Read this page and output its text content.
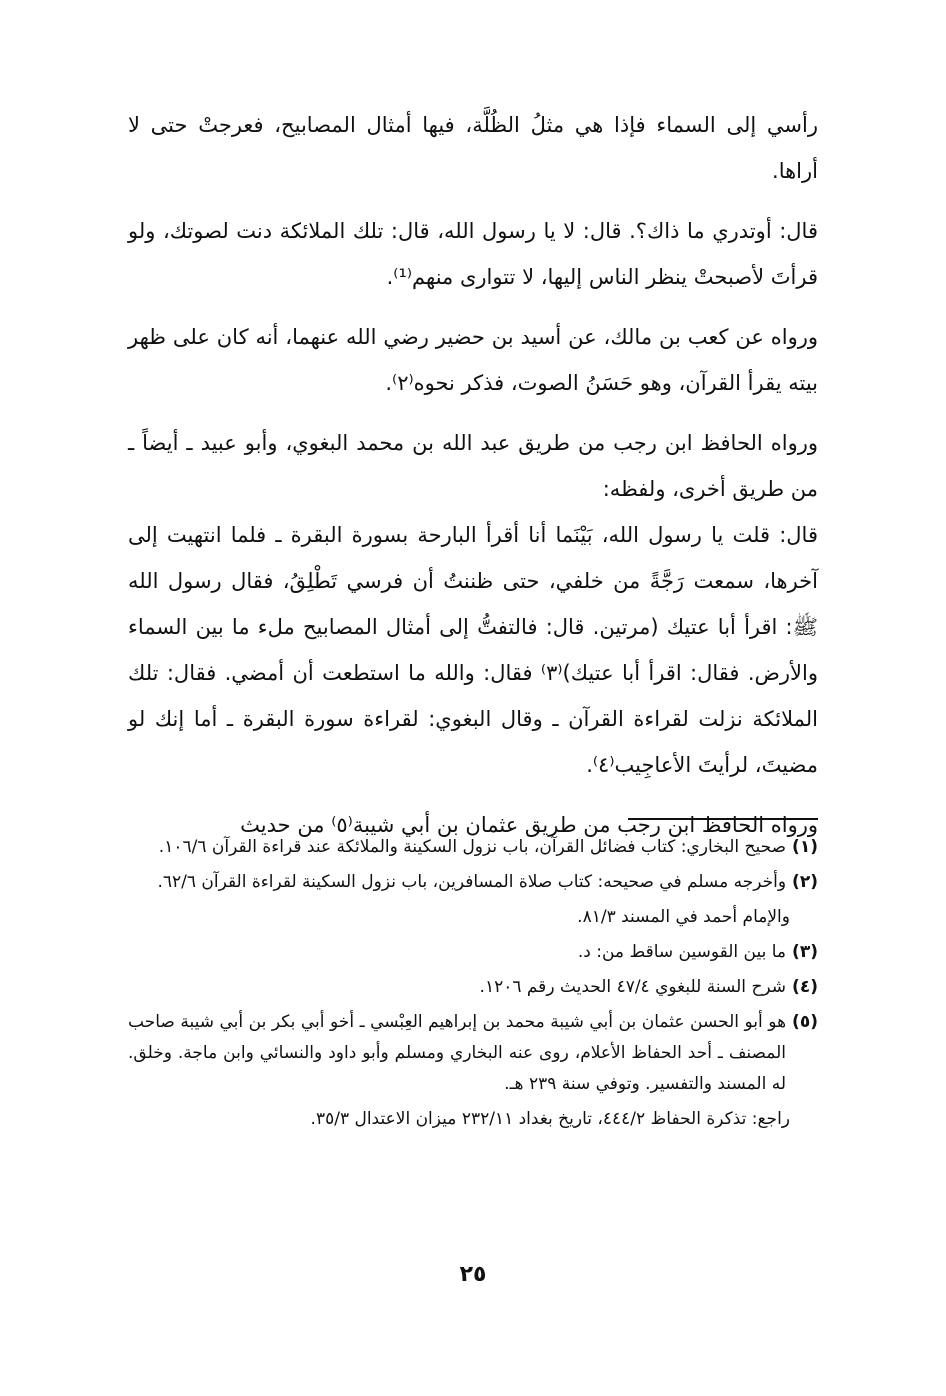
رأسي إلى السماء فإذا هي مثلُ الظُلَّة، فيها أمثال المصابيح، فعرجتْ حتى لا أراها.

قال: أوتدري ما ذاك؟. قال: لا يا رسول الله، قال: تلك الملائكة دنت لصوتك، ولو قرأتَ لأصبحتْ ينظر الناس إليها، لا تتوارى منهم⁽¹⁾.

ورواه عن كعب بن مالك، عن أسيد بن حضير رضي الله عنهما، أنه كان على ظهر بيته يقرأ القرآن، وهو حَسَنُ الصوت، فذكر نحوه⁽٢⁾.

ورواه الحافظ ابن رجب من طريق عبد الله بن محمد البغوي، وأبو عبيد ـ أيضاً ـ من طريق أخرى، ولفظه:

قال: قلت يا رسول الله، بَيْنَما أنا أقرأ البارحة بسورة البقرة ـ فلما انتهيت إلى آخرها، سمعت رَجَّةً من خلفي، حتى ظننتُ أن فرسي تَطْلِقُ، فقال رسول الله ﷺ: اقرأ أبا عتيك (مرتين. قال: فالتفتُّ إلى أمثال المصابيح ملء ما بين السماء والأرض. فقال: اقرأ أبا عتيك)⁽٣⁾ فقال: والله ما استطعت أن أمضي. فقال: تلك الملائكة نزلت لقراءة القرآن ـ وقال البغوي: لقراءة سورة البقرة ـ أما إنك لو مضيتَ، لرأيتَ الأعاجِيب⁽٤⁾.

ورواه الحافظ ابن رجب من طريق عثمان بن أبي شيبة⁽٥⁾ من حديث

(١)
صحيح البخاري: كتاب فضائل القرآن، باب نزول السكينة والملائكة عند قراءة القرآن ١٠٦/٦.
(٢)
وأخرجه مسلم في صحيحه: كتاب صلاة المسافرين، باب نزول السكينة لقراءة القرآن ٦٢/٦.
والإمام أحمد في المسند ٨١/٣.
(٣)
ما بين القوسين ساقط من: د.
(٤)
شرح السنة للبغوي ٤٧/٤ الحديث رقم ١٢٠٦.
(٥)
هو أبو الحسن عثمان بن أبي شيبة محمد بن إبراهيم العِبْسي ـ أخو أبي بكر بن أبي شيبة صاحب المصنف ـ أحد الحفاظ الأعلام، روى عنه البخاري ومسلم وأبو داود والنسائي وابن ماجة. وخلق. له المسند والتفسير. وتوفي سنة ٢٣٩ هـ.
راجع: تذكرة الحفاظ ٤٤٤/٢، تاريخ بغداد ٢٣٢/١١ ميزان الاعتدال ٣٥/٣.
٢٥
